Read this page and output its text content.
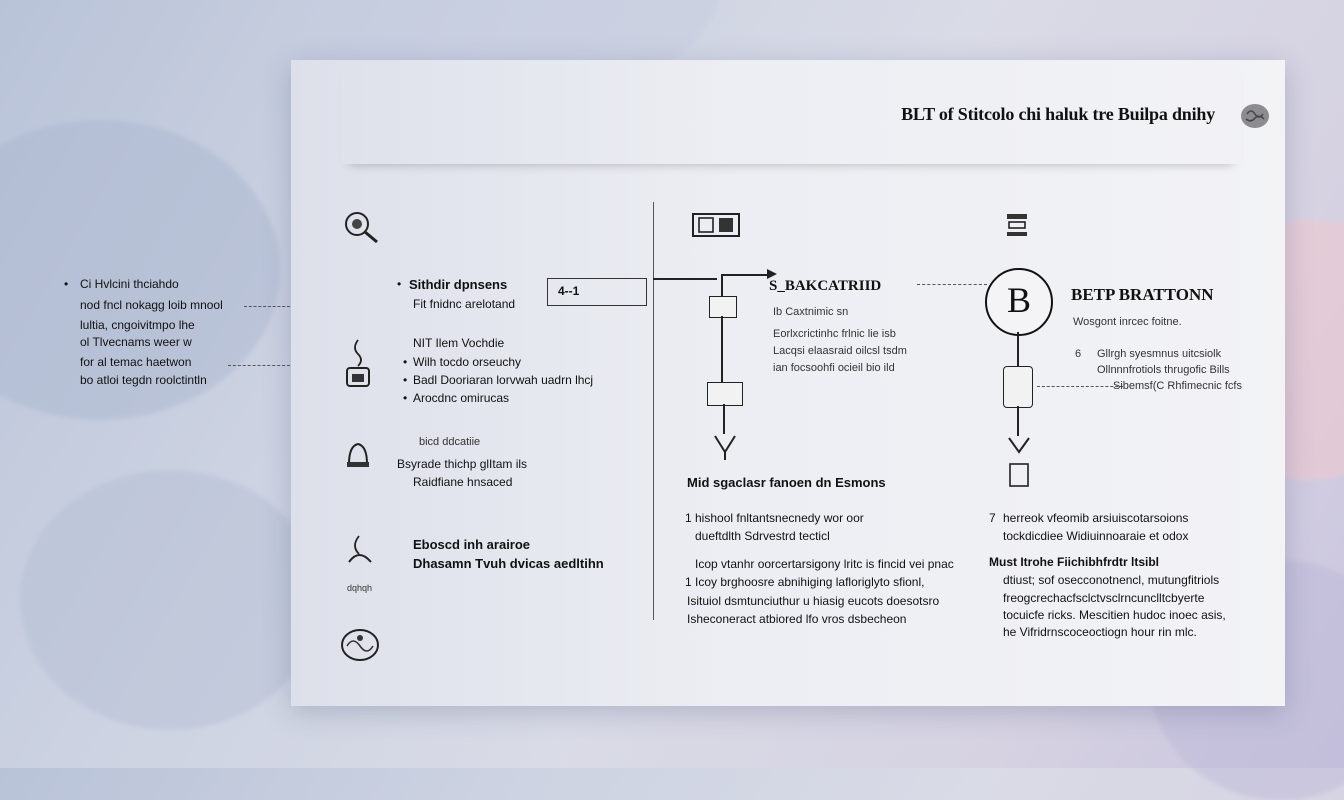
• Ci Hvlcini thciahdo
nod fncl nokagg loib mnool
lultia, cngoivitmpo lhe
ol Tlvecnams weer w
for al temac haetwon
bo atloi tegdn roolctintln
BLT of Stitcolo chi haluk tre Builpa dnihy
dqhqh
• Sithdir dpnsens
Fit fnidnc arelotand
4--1
NIT Ilem Vochdie
Wilh tocdo orseuchy
Badl Dooriaran lorvwah uadrn lhcj
Arocdnc omirucas
•
•
•
bicd ddcatiie
Bsyrade thichp glItam ils
Raidfiane hnsaced
Eboscd inh arairoe
Dhasamn Tvuh dvicas aedltihn
S_BAKCATRIID
Ib Caxtnimic sn
Eorlxcrictinhc frlnic lie isb
Lacqsi elaasraid oilcsl tsdm
ian focsoohfi ocieil bio ild
Mid sgaclasr fanoen dn Esmons
1 hishool fnltantsnecnedy wor oor
dueftdlth Sdrvestrd tecticl
Icop vtanhr oorcertarsigony lritc is fincid vei pnac
1 Icoy brghoosre abnihiging lafloriglyto sfionl,
Isituiol dsmtunciuthur u hiasig eucots doesotsro
Isheconeract atbiored lfo vros dsbecheon
B	BETP BRATTONN
Wosgont inrcec foitne.
6 Gllrgh syesmnus uitcsiolk
Ollnnnfrotiols thrugofic Bills
Sibemsf(C Rhfimecnic fcfs
7 herreok vfeomib arsiuiscotarsoions
tockdicdiee Widiuinnoaraie et odox
Must Itrohe Fiichibhfrdtr ltsibl
dtiust; sof osecconotnencl, mutungfitriols
freogcrechacfsclctvsclrncunclltcbyerte
tocuicfe ricks. Mescitien hudoc inoec asis,
he Vifridrnscoceoctiogn hour rin mlc.
